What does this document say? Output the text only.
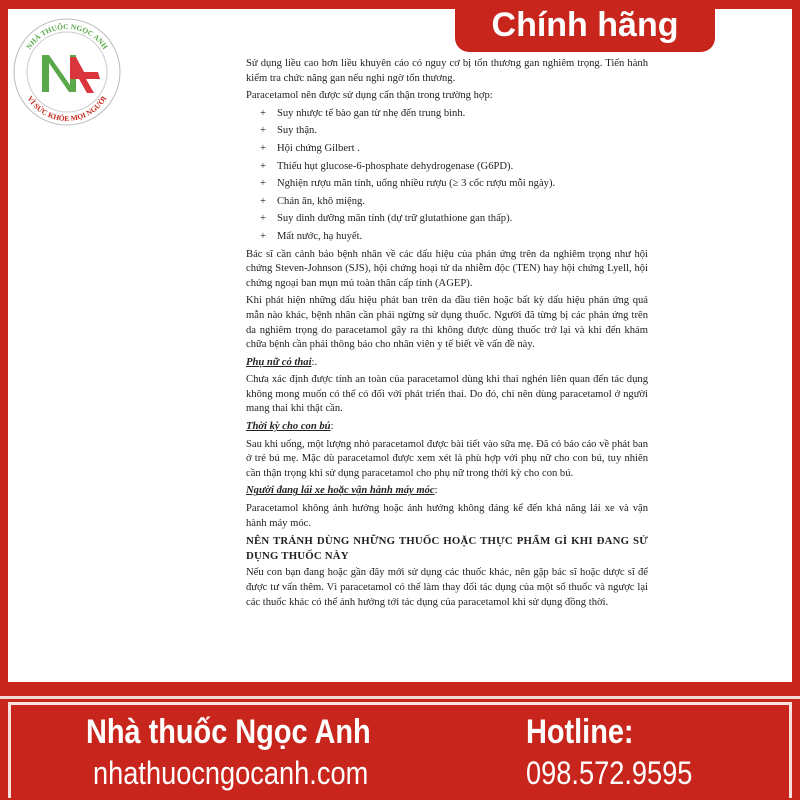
Chính hãng
NHÀ THUỐC NGỌC ANH
VÌ SỨC KHỎE MỌI NGƯỜI

Sử dụng liều cao hơn liều khuyên cáo có nguy cơ bị tổn thương gan nghiêm trọng. Tiến hành kiểm tra chức năng gan nếu nghi ngờ tổn thương.

Paracetamol nên được sử dụng cẩn thận trong trường hợp:

+ Suy nhược tế bào gan từ nhẹ đến trung bình.
+ Suy thận.
+ Hội chứng Gilbert .
+ Thiếu hụt glucose-6-phosphate dehydrogenase (G6PD).
+ Nghiện rượu mãn tính, uống nhiều rượu (≥ 3 cốc rượu mỗi ngày).
+ Chán ăn, khô miệng.
+ Suy dinh dưỡng mãn tính (dự trữ glutathione gan thấp).
+ Mất nước, hạ huyết.

Bác sĩ cần cảnh báo bệnh nhân về các dấu hiệu của phản ứng trên da nghiêm trọng như hội chứng Steven-Johnson (SJS), hội chứng hoại tử da nhiễm độc (TEN) hay hội chứng Lyell, hội chứng ngoại ban mụn mủ toàn thân cấp tính (AGEP).

Khi phát hiện những dấu hiệu phát ban trên da đầu tiên hoặc bất kỳ dấu hiệu phản ứng quá mẫn nào khác, bệnh nhân cần phải ngừng sử dụng thuốc. Người đã từng bị các phản ứng trên da nghiêm trọng do paracetamol gây ra thì không được dùng thuốc trở lại và khi đến khám chữa bệnh cần phải thông báo cho nhân viên y tế biết về vấn đề này.

Phụ nữ có thai:.

Chưa xác định được tính an toàn của paracetamol dùng khi thai nghén liên quan đến tác dụng không mong muốn có thể có đối với phát triển thai. Do đó, chỉ nên dùng paracetamol ở người mang thai khi thật cần.

Thời kỳ cho con bú:

Sau khi uống, một lượng nhỏ paracetamol được bài tiết vào sữa mẹ. Đã có báo cáo về phát ban ở trẻ bú mẹ. Mặc dù paracetamol được xem xét là phù hợp với phụ nữ cho con bú, tuy nhiên cần thận trọng khi sử dụng paracetamol cho phụ nữ trong thời kỳ cho con bú.

Người đang lái xe hoặc vận hành máy móc:

Paracetamol không ảnh hưởng hoặc ảnh hưởng không đáng kể đến khả năng lái xe và vận hành máy móc.

NÊN TRÁNH DÙNG NHỮNG THUỐC HOẶC THỰC PHẨM GÌ KHI ĐANG SỬ DỤNG THUỐC NÀY

Nếu con bạn đang hoặc gần đây mới sử dụng các thuốc khác, nên gặp bác sĩ hoặc dược sĩ để được tư vấn thêm. Vì paracetamol có thể làm thay đổi tác dụng của một số thuốc và ngược lại các thuốc khác có thể ảnh hưởng tới tác dụng của paracetamol khi sử dụng đồng thời.

Nhà thuốc Ngọc Anh
nhathuocngocanh.com
Hotline:
098.572.9595
